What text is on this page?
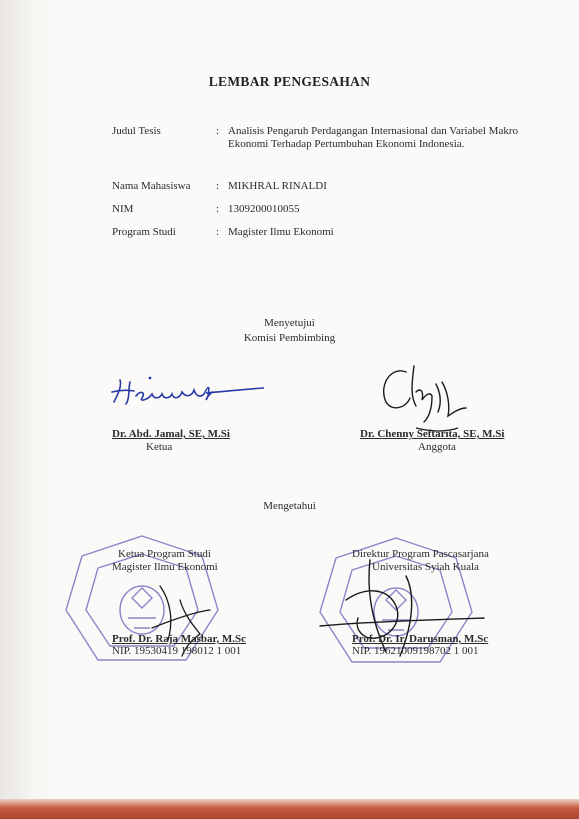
LEMBAR PENGESAHAN
Judul Tesis	: Analisis Pengaruh Perdagangan Internasional dan Variabel Makro Ekonomi Terhadap Pertumbuhan Ekonomi Indonesia.
Nama Mahasiswa	: MIKHRAL RINALDI
NIM	: 1309200010055
Program Studi	: Magister Ilmu Ekonomi
Menyetujui
Komisi Pembimbing
Dr. Abd. Jamal, SE, M.Si
Ketua
Dr. Chenny Seftarita, SE, M.Si
Anggota
Mengetahui
Ketua Program Studi
Magister Ilmu Ekonomi
Prof. Dr. Raja Masbar, M.Sc
NIP. 19530419 198012 1 001
Direktur Program Pascasarjana
Universitas Syiah Kuala
Prof. Dr. Ir. Darusman, M.Sc
NIP. 19621009198702 1 001
